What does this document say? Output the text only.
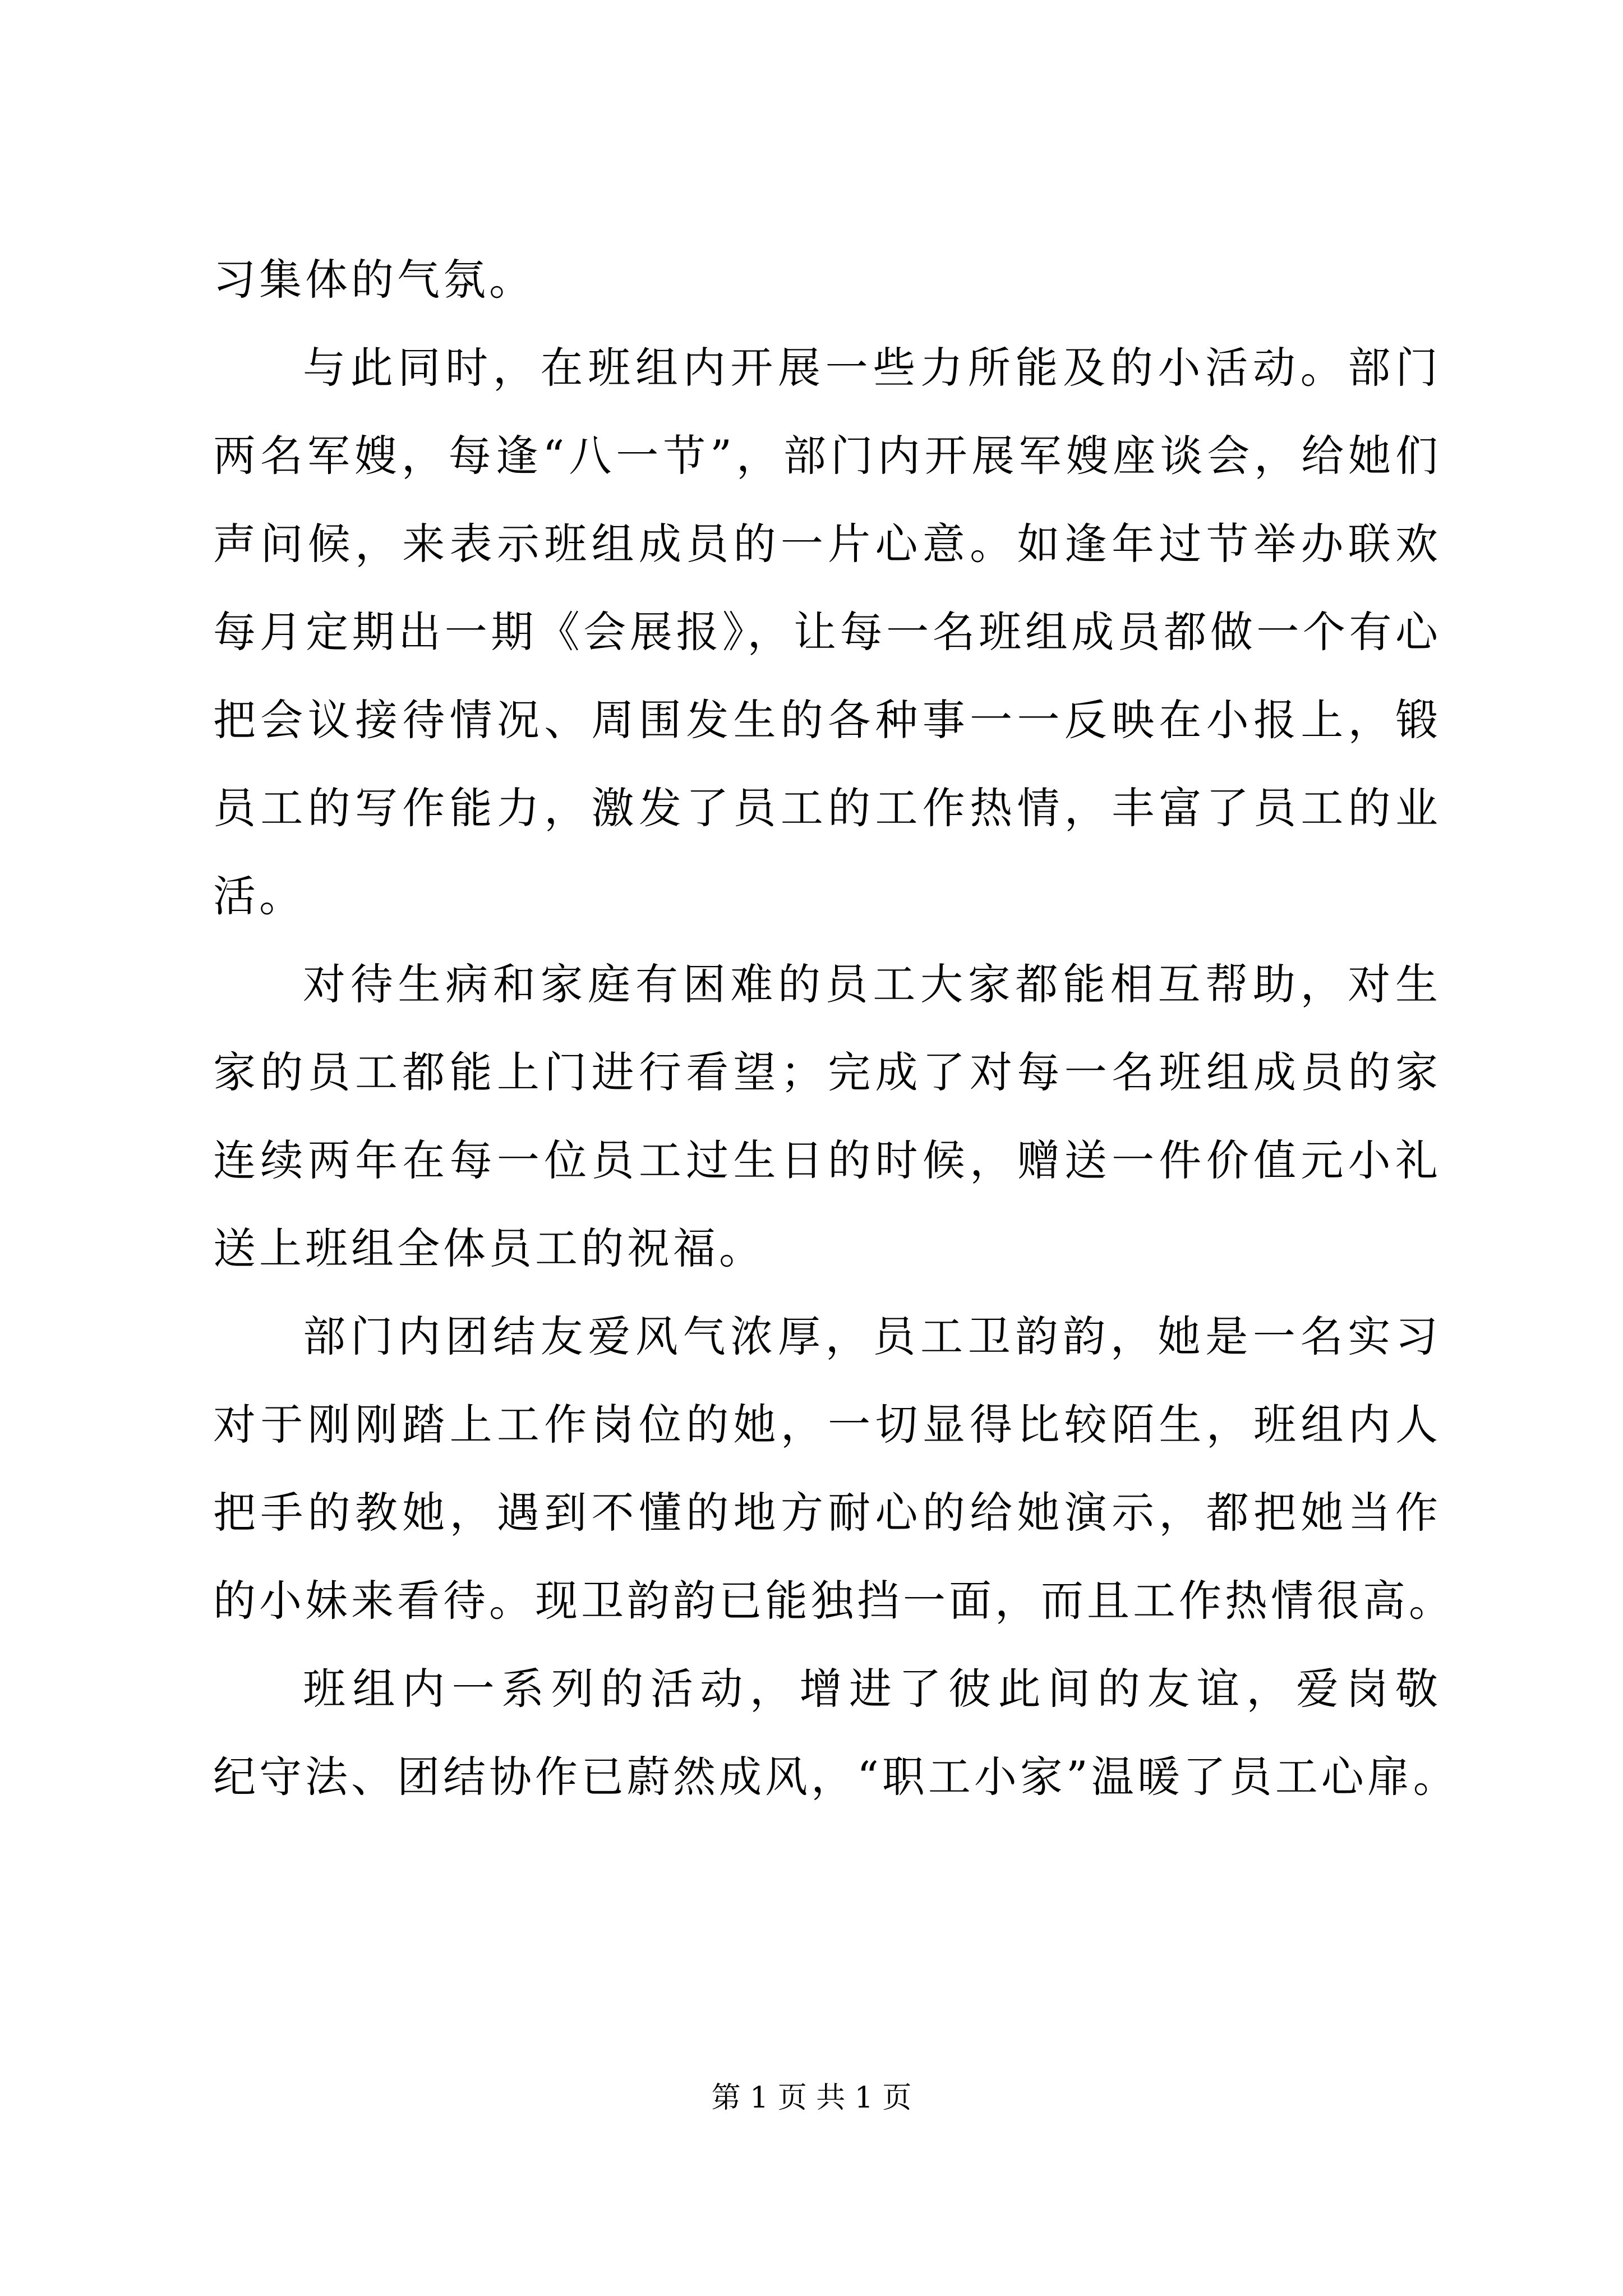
习集体的气氛。
与此同时，在班组内开展一些力所能及的小活动。部门
两名军嫂，每逢“八一节”，部门内开展军嫂座谈会，给她们
声问候，来表示班组成员的一片心意。如逢年过节举办联欢
每月定期出一期《会展报》，让每一名班组成员都做一个有心
把会议接待情况、周围发生的各种事一一反映在小报上，锻
员工的写作能力，激发了员工的工作热情，丰富了员工的业
活。
对待生病和家庭有困难的员工大家都能相互帮助，对生
家的员工都能上门进行看望；完成了对每一名班组成员的家
连续两年在每一位员工过生日的时候，赠送一件价值元小礼
送上班组全体员工的祝福。
部门内团结友爱风气浓厚，员工卫韵韵，她是一名实习
对于刚刚踏上工作岗位的她，一切显得比较陌生，班组内人
把手的教她，遇到不懂的地方耐心的给她演示，都把她当作
的小妹来看待。现卫韵韵已能独挡一面，而且工作热情很高。
班组内一系列的活动，增进了彼此间的友谊，爱岗敬
纪守法、团结协作已蔚然成风，“职工小家”温暖了员工心扉。
第 1 页 共 1 页
